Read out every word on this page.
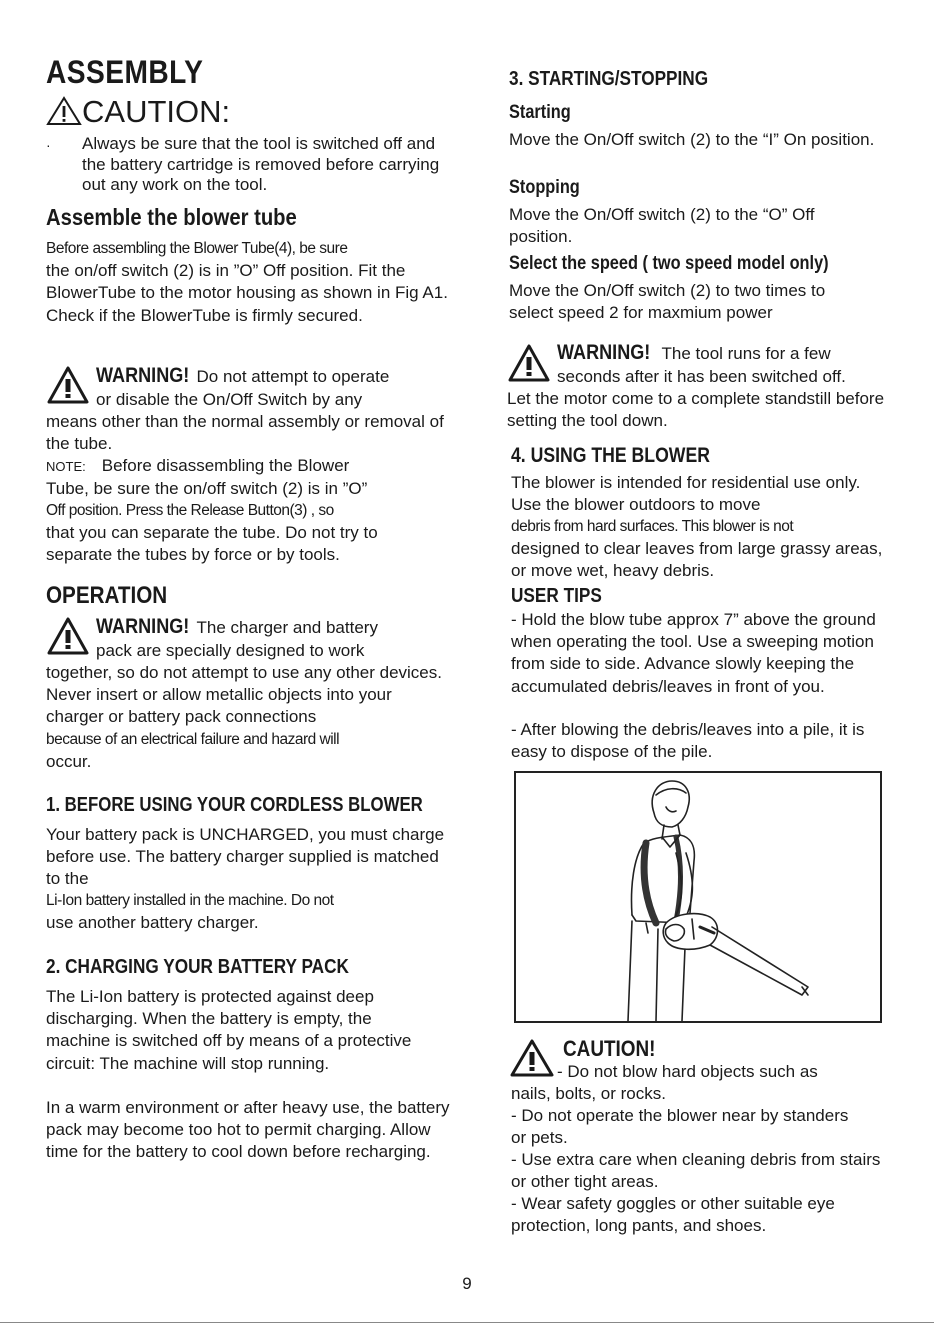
ASSEMBLY
CAUTION:
·	Always be sure that the tool is switched off and the battery cartridge is removed before carrying out any work on the tool.
Assemble the blower tube

Before assembling the Blower Tube(4), be sure

the on/off switch (2) is in ”O” Off position. Fit the BlowerTube to the motor housing as shown in Fig A1. Check if the BlowerTube is firmly secured.

WARNING! Do not attempt to operate

or disable the On/Off Switch by any

means other than the normal assembly or removal of the tube.

NOTE: Before disassembling the Blower

Tube, be sure the on/off switch (2) is in ”O”

Off position. Press the Release Button(3) , so

that you can separate the tube. Do not try to separate the tubes by force or by tools.

OPERATION
WARNING! The charger and battery

pack are specially designed to work

together, so do not attempt to use any other devices. Never insert or allow metallic objects into your charger or battery pack connections

because of an electrical failure and hazard will

occur.

1. BEFORE USING YOUR CORDLESS BLOWER

Your battery pack is UNCHARGED, you must charge before use. The battery charger supplied is matched to the

Li-Ion battery installed in the machine. Do not

use another battery charger.

2. CHARGING YOUR BATTERY PACK

The Li-Ion battery is protected against deep discharging. When the battery is empty, the machine is switched off by means of a protective circuit: The machine will stop running.

In a warm environment or after heavy use, the battery pack may become too hot to permit charging. Allow time for the battery to cool down before recharging.

3. STARTING/STOPPING
Starting

Move the On/Off switch (2) to the “I” On position.

Stopping

Move the On/Off switch (2) to the “O” Off position.

Select the speed ( two speed model only)

Move the On/Off switch (2) to two times to select speed 2 for maxmium power

WARNING! The tool runs for a few

seconds after it has been switched off.

Let the motor come to a complete standstill before setting the tool down.

4. USING THE BLOWER

The blower is intended for residential use only. Use the blower outdoors to move

debris from hard surfaces. This blower is not

designed to clear leaves from large grassy areas, or move wet, heavy debris.

USER TIPS

- Hold the blow tube approx 7” above the ground when operating the tool. Use a sweeping motion from side to side. Advance slowly keeping the accumulated debris/leaves in front of you.

- After blowing the debris/leaves into a pile, it is easy to dispose of the pile.

CAUTION!

- Do not blow hard objects such as

nails, bolts, or rocks.

- Do not operate the blower near by standers or pets.

- Use extra care when cleaning debris from stairs or other tight areas.

- Wear safety goggles or other suitable eye protection, long pants, and shoes.

9
